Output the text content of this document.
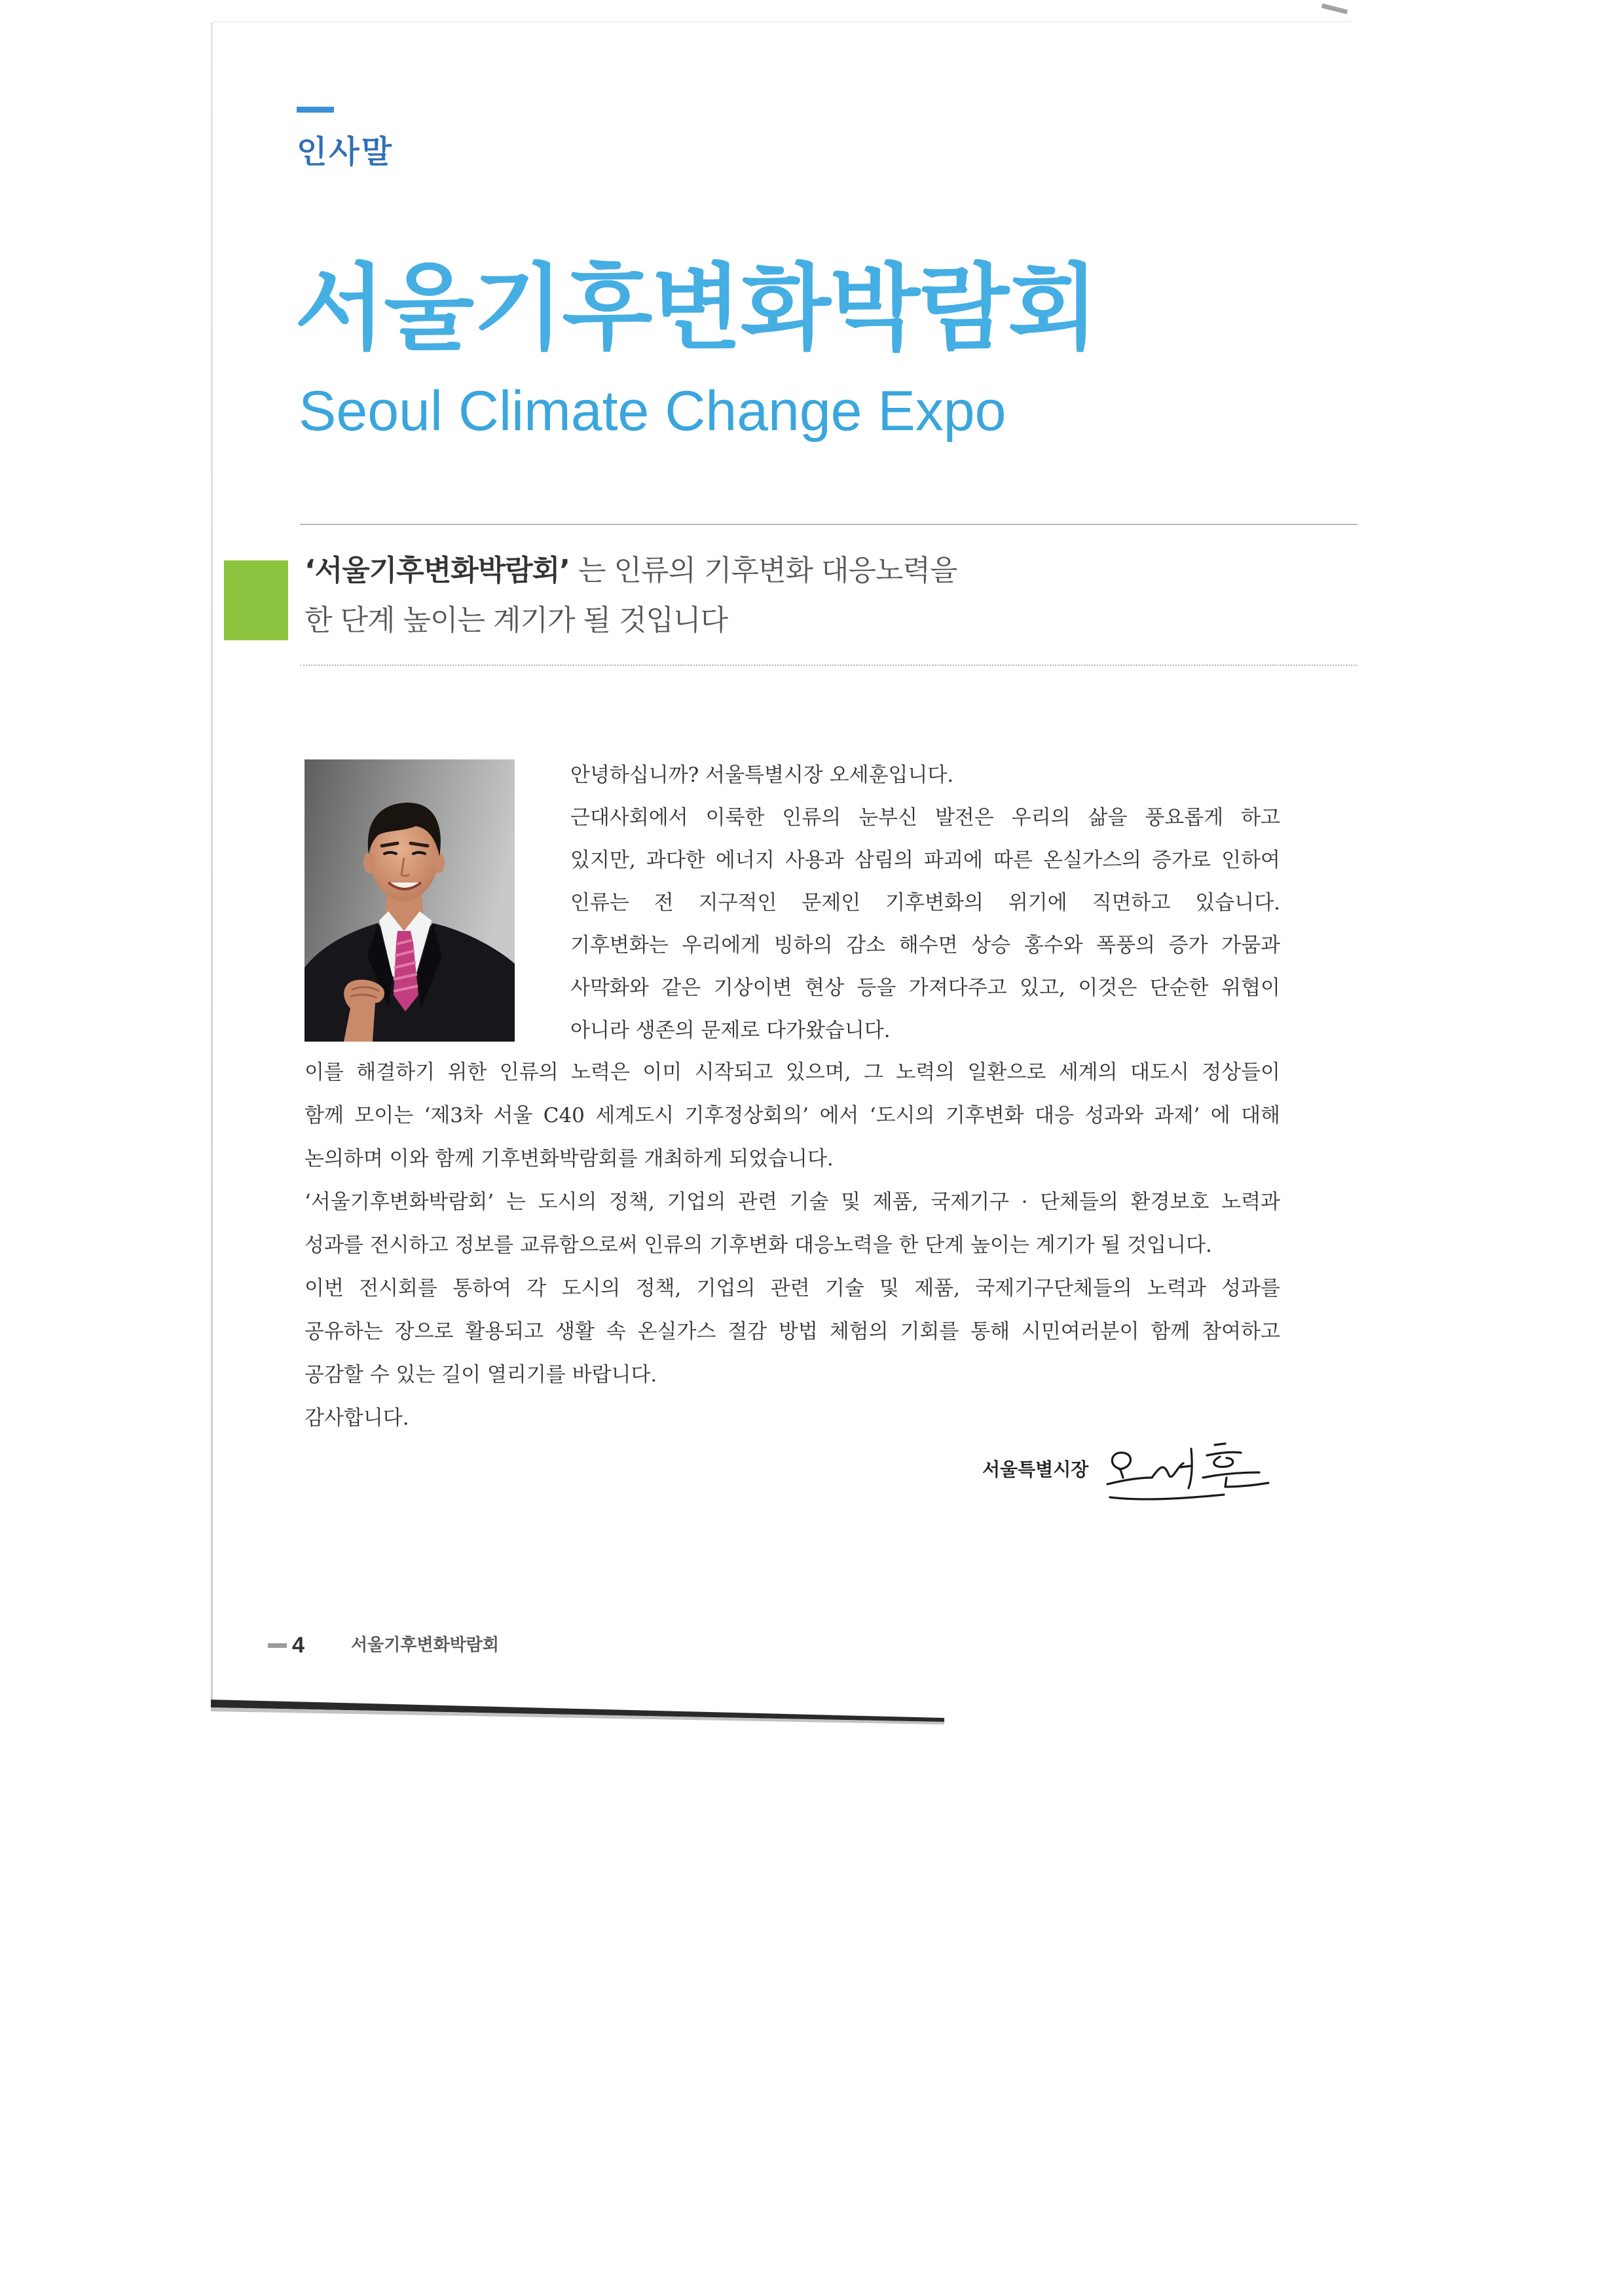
인사말
서울기후변화박람회
Seoul Climate Change Expo
‘서울기후변화박람회’ 는 인류의 기후변화 대응노력을
한 단계 높이는 계기가 될 것입니다
안녕하십니까? 서울특별시장 오세훈입니다.
근대사회에서 이룩한 인류의 눈부신 발전은 우리의 삶을 풍요롭게 하고
있지만, 과다한 에너지 사용과 삼림의 파괴에 따른 온실가스의 증가로 인하여
인류는 전 지구적인 문제인 기후변화의 위기에 직면하고 있습니다.
기후변화는 우리에게 빙하의 감소 해수면 상승 홍수와 폭풍의 증가 가뭄과
사막화와 같은 기상이변 현상 등을 가져다주고 있고, 이것은 단순한 위협이
아니라 생존의 문제로 다가왔습니다.
이를 해결하기 위한 인류의 노력은 이미 시작되고 있으며, 그 노력의 일환으로 세계의 대도시 정상들이
함께 모이는 ‘제3차 서울 C40 세계도시 기후정상회의’ 에서 ‘도시의 기후변화 대응 성과와 과제’ 에 대해
논의하며 이와 함께 기후변화박람회를 개최하게 되었습니다.
‘서울기후변화박람회’ 는 도시의 정책, 기업의 관련 기술 및 제품, 국제기구 · 단체들의 환경보호 노력과
성과를 전시하고 정보를 교류함으로써 인류의 기후변화 대응노력을 한 단계 높이는 계기가 될 것입니다.
이번 전시회를 통하여 각 도시의 정책, 기업의 관련 기술 및 제품, 국제기구단체들의 노력과 성과를
공유하는 장으로 활용되고 생활 속 온실가스 절감 방법 체험의 기회를 통해 시민여러분이 함께 참여하고
공감할 수 있는 길이 열리기를 바랍니다.
감사합니다.
서울특별시장
4	서울기후변화박람회
